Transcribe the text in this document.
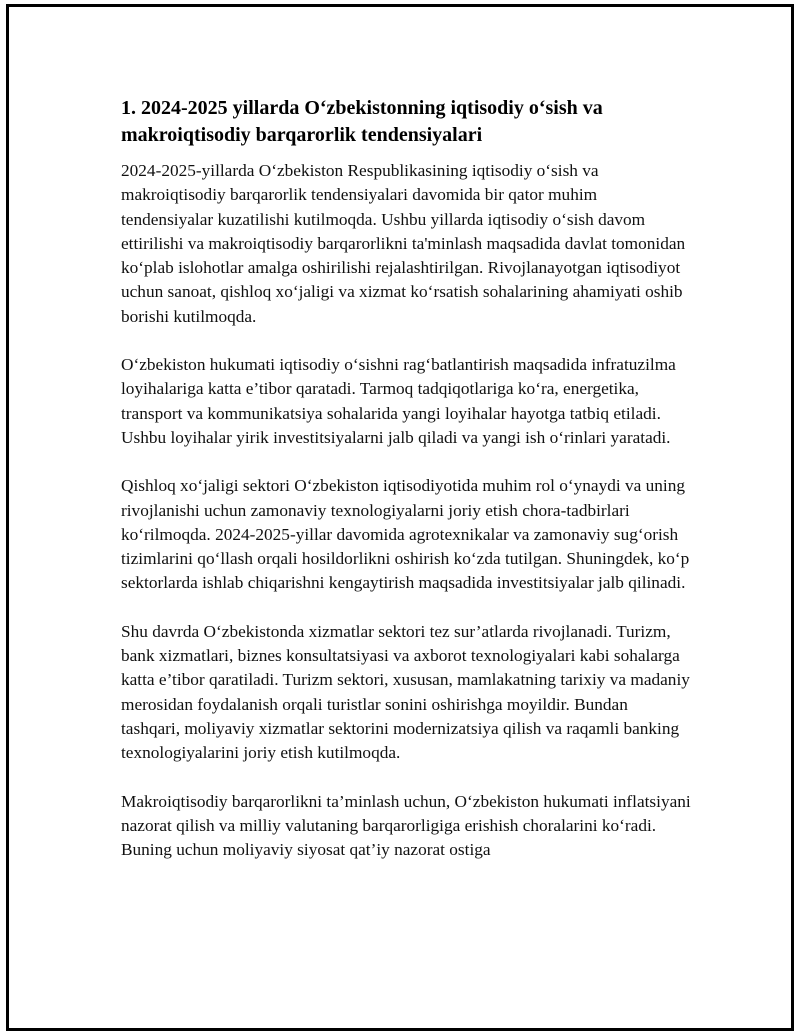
1. 2024-2025 yillarda O‘zbekistonning iqtisodiy o‘sish va makroiqtisodiy barqarorlik tendensiyalari

2024-2025-yillarda O‘zbekiston Respublikasining iqtisodiy o‘sish va makroiqtisodiy barqarorlik tendensiyalari davomida bir qator muhim tendensiyalar kuzatilishi kutilmoqda. Ushbu yillarda iqtisodiy o‘sish davom ettirilishi va makroiqtisodiy barqarorlikni ta'minlash maqsadida davlat tomonidan ko‘plab islohotlar amalga oshirilishi rejalashtirilgan. Rivojlanayotgan iqtisodiyot uchun sanoat, qishloq xo‘jaligi va xizmat ko‘rsatish sohalarining ahamiyati oshib borishi kutilmoqda.

O‘zbekiston hukumati iqtisodiy o‘sishni rag‘batlantirish maqsadida infratuzilma loyihalariga katta e’tibor qaratadi. Tarmoq tadqiqotlariga ko‘ra, energetika, transport va kommunikatsiya sohalarida yangi loyihalar hayotga tatbiq etiladi. Ushbu loyihalar yirik investitsiyalarni jalb qiladi va yangi ish o‘rinlari yaratadi.

Qishloq xo‘jaligi sektori O‘zbekiston iqtisodiyotida muhim rol o‘ynaydi va uning rivojlanishi uchun zamonaviy texnologiyalarni joriy etish chora-tadbirlari ko‘rilmoqda. 2024-2025-yillar davomida agrotexnikalar va zamonaviy sug‘orish tizimlarini qo‘llash orqali hosildorlikni oshirish ko‘zda tutilgan. Shuningdek, ko‘p sektorlarda ishlab chiqarishni kengaytirish maqsadida investitsiyalar jalb qilinadi.

Shu davrda O‘zbekistonda xizmatlar sektori tez sur’atlarda rivojlanadi. Turizm, bank xizmatlari, biznes konsultatsiyasi va axborot texnologiyalari kabi sohalarga katta e’tibor qaratiladi. Turizm sektori, xususan, mamlakatning tarixiy va madaniy merosidan foydalanish orqali turistlar sonini oshirishga moyildir. Bundan tashqari, moliyaviy xizmatlar sektorini modernizatsiya qilish va raqamli banking texnologiyalarini joriy etish kutilmoqda.

Makroiqtisodiy barqarorlikni ta’minlash uchun, O‘zbekiston hukumati inflatsiyani nazorat qilish va milliy valutaning barqarorligiga erishish choralarini ko‘radi. Buning uchun moliyaviy siyosat qat’iy nazorat ostiga
